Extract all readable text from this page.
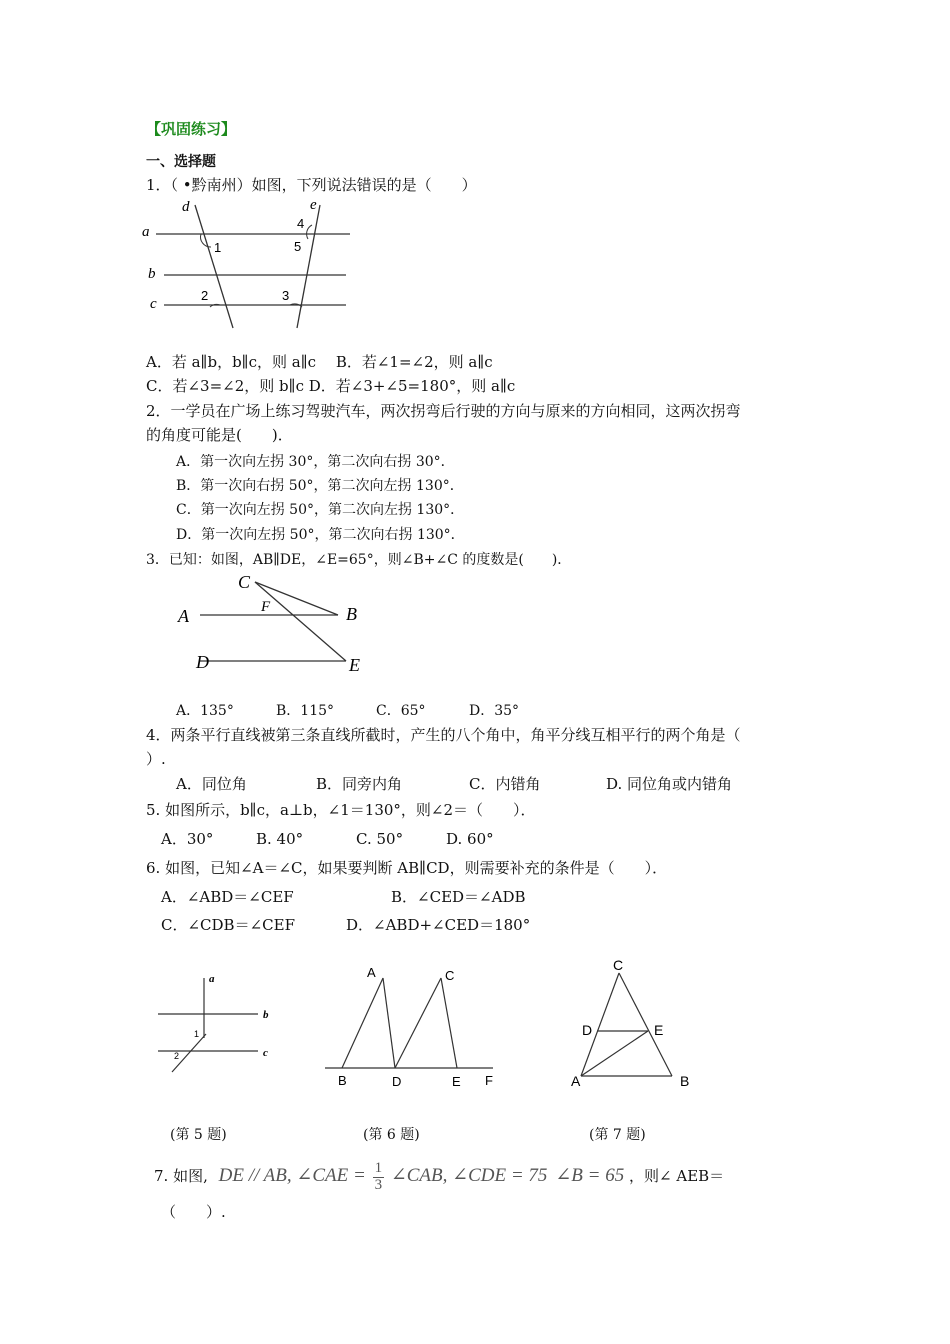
【巩固练习】
一、选择题
1．（ •黔南州）如图，下列说法错误的是（　　）
a
b
c
d	e
1
2	3
4
5
A．若 a∥b，b∥c，则 a∥c　 B．若∠1=∠2，则 a∥c
C．若∠3=∠2，则 b∥c D．若∠3+∠5=180°，则 a∥c
2．一学员在广场上练习驾驶汽车，两次拐弯后行驶的方向与原来的方向相同，这两次拐弯
的角度可能是(　　)．
A．第一次向左拐 30°，第二次向右拐 30°．
B．第一次向右拐 50°，第二次向左拐 130°．
C．第一次向左拐 50°，第二次向左拐 130°．
D．第一次向左拐 50°，第二次向右拐 130°．
3．已知：如图，AB∥DE，∠E=65°，则∠B+∠C 的度数是(　　)．
C
F
A	B
D	E
A．135°	B．115°	C．65°	D．35°
4．两条平行直线被第三条直线所截时，产生的八个角中，角平分线互相平行的两个角是（
）.
A．同位角	B．同旁内角	C．内错角	D. 同位角或内错角
5. 如图所示，b∥c，a⊥b，∠1＝130°，则∠2＝（　　）．
A．30°	B. 40°	C. 50°	D. 60°
6. 如图，已知∠A＝∠C，如果要判断 AB∥CD，则需要补充的条件是（　　）．
A．∠ABD＝∠CEF	B．∠CED＝∠ADB
C．∠CDB＝∠CEF	D．∠ABD+∠CED＝180°
a
b
c
1
2
A	C
B	D	E F
C
D	E
A	B
(第 5 题)	(第 6 题)	(第 7 题)
7. 如图, DE // AB, ∠CAE = $\frac{1}{3}$ ∠CAB, ∠CDE = 75 ∠B = 65 ，则∠ AEB＝
（　　）.
